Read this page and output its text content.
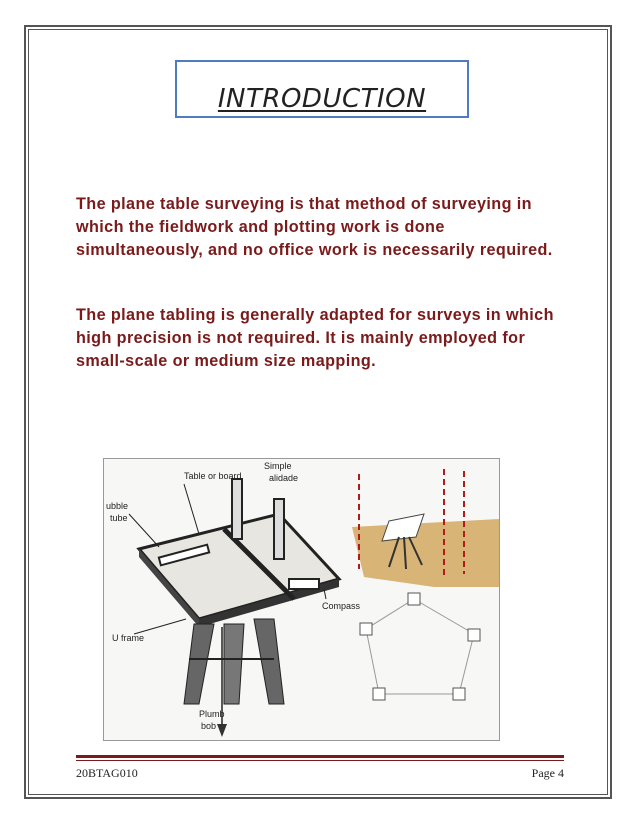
INTRODUCTION

The plane table surveying is that method of surveying in which the fieldwork and plotting work is done simultaneously, and no office work is necessarily required.

The plane tabling is generally adapted for surveys in which high precision is not required. It is mainly employed for small-scale or medium size mapping.

Table or board
Simple
alidade
ubble
tube
U frame
Compass
Plumb
bob
20BTAG010	Page 4
